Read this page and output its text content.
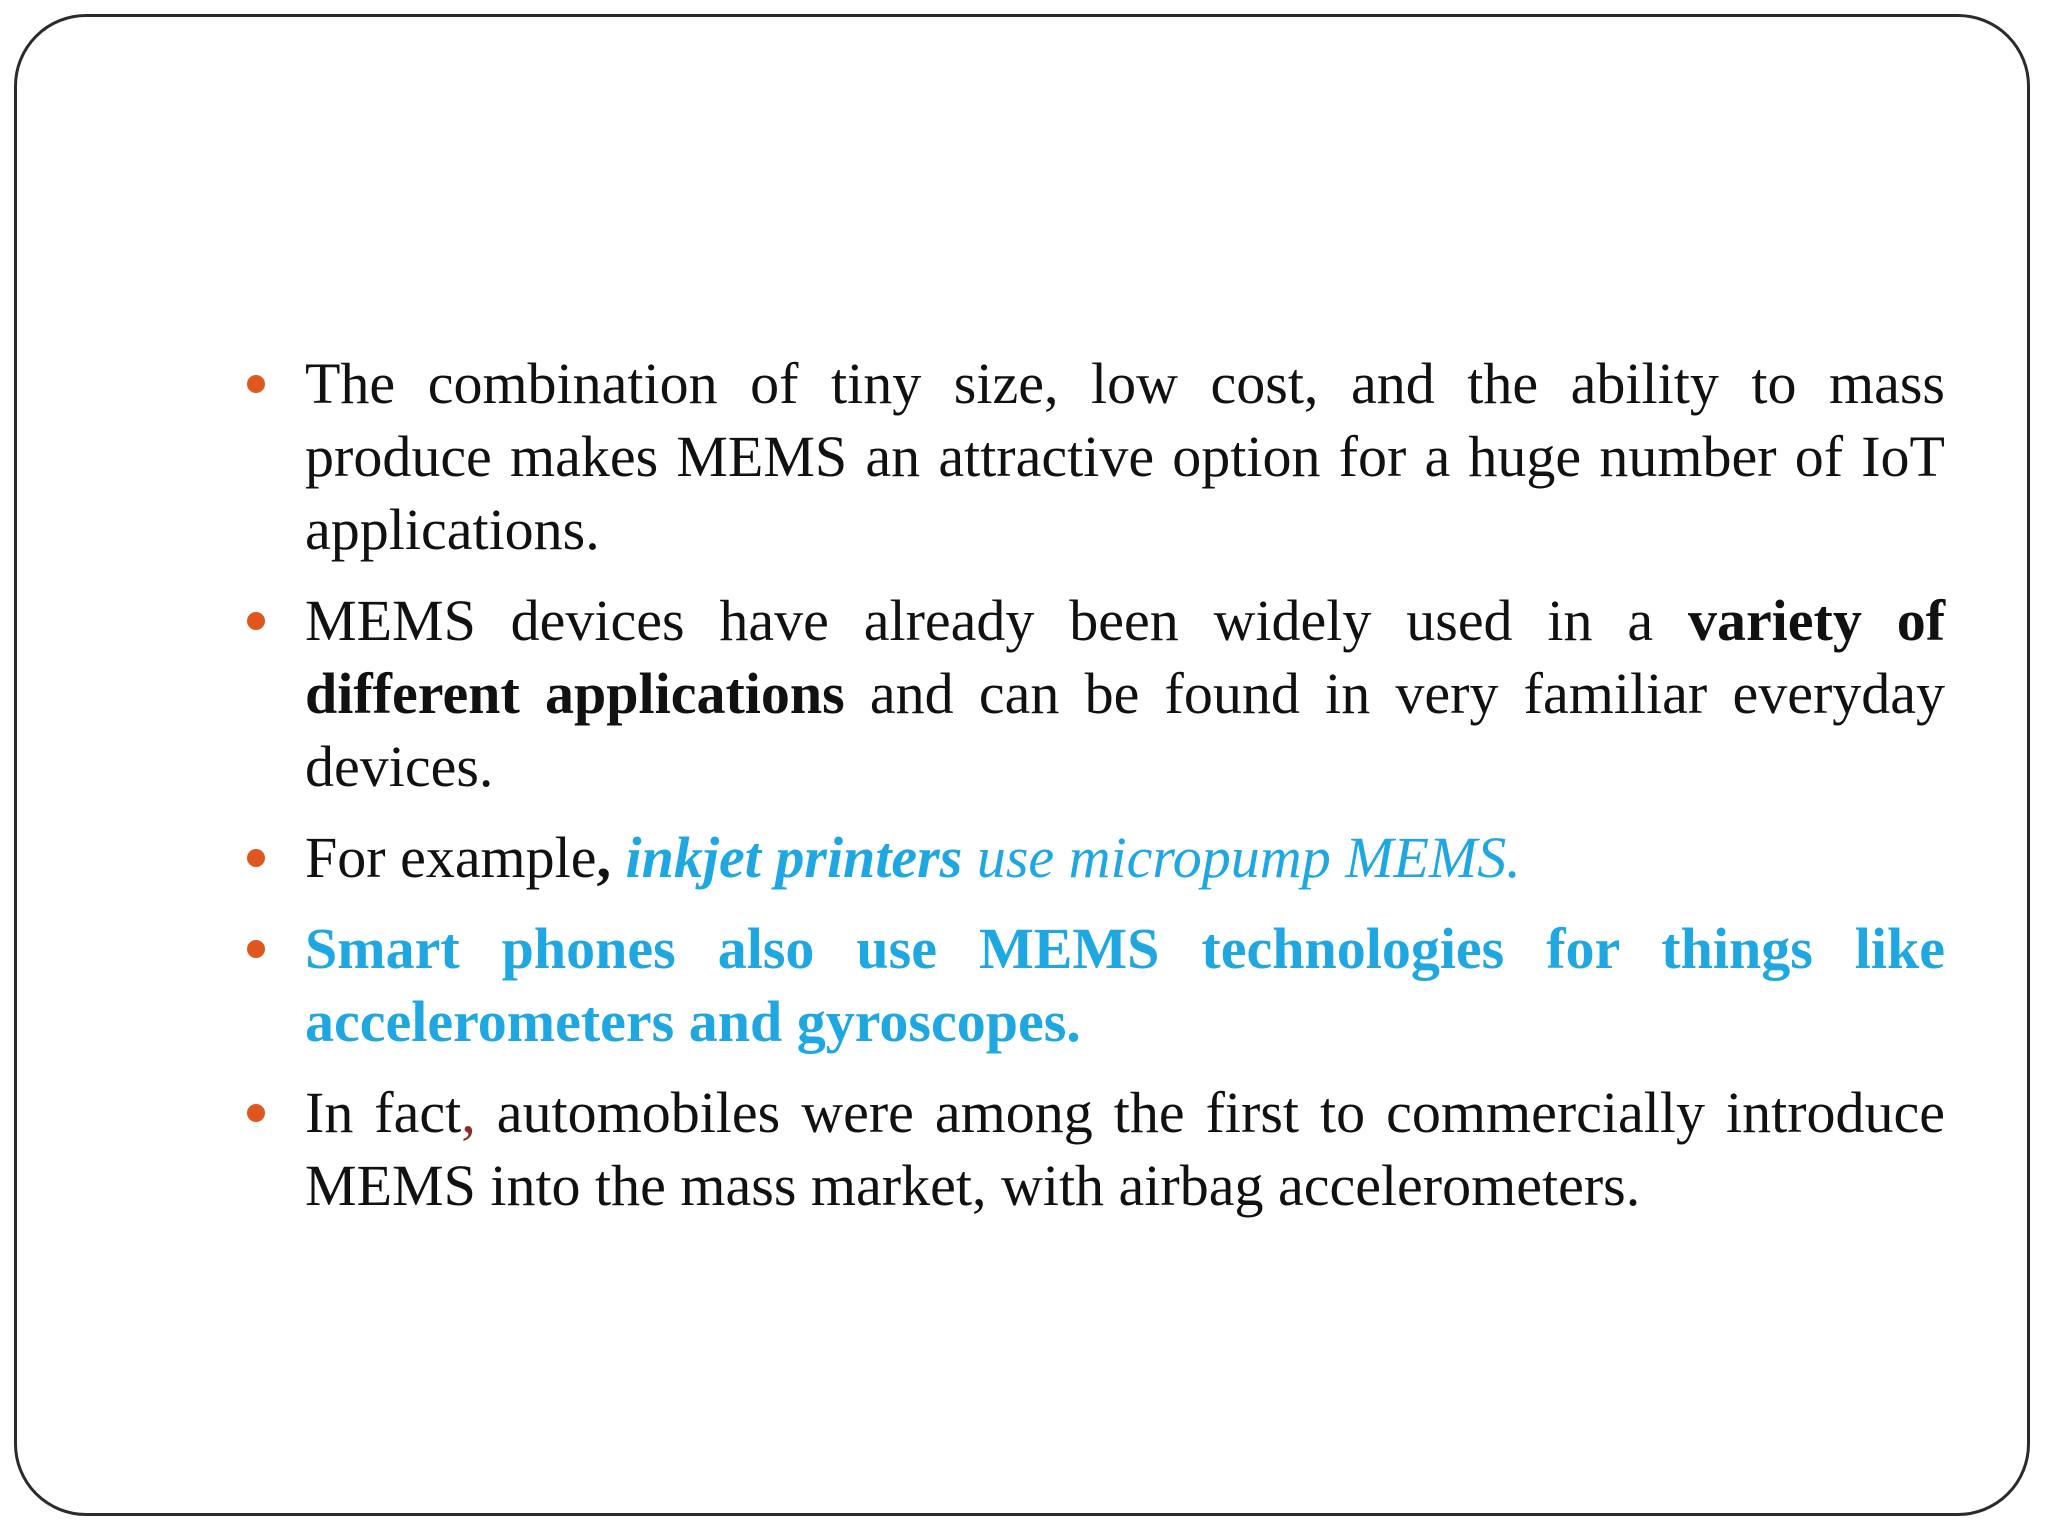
The combination of tiny size, low cost, and the ability to mass produce makes MEMS an attractive option for a huge number of IoT applications.
MEMS devices have already been widely used in a variety of different applications and can be found in very familiar everyday devices.
For example, inkjet printers use micropump MEMS.
Smart phones also use MEMS technologies for things like accelerometers and gyroscopes.
In fact, automobiles were among the first to commercially introduce MEMS into the mass market, with airbag accelerometers.
